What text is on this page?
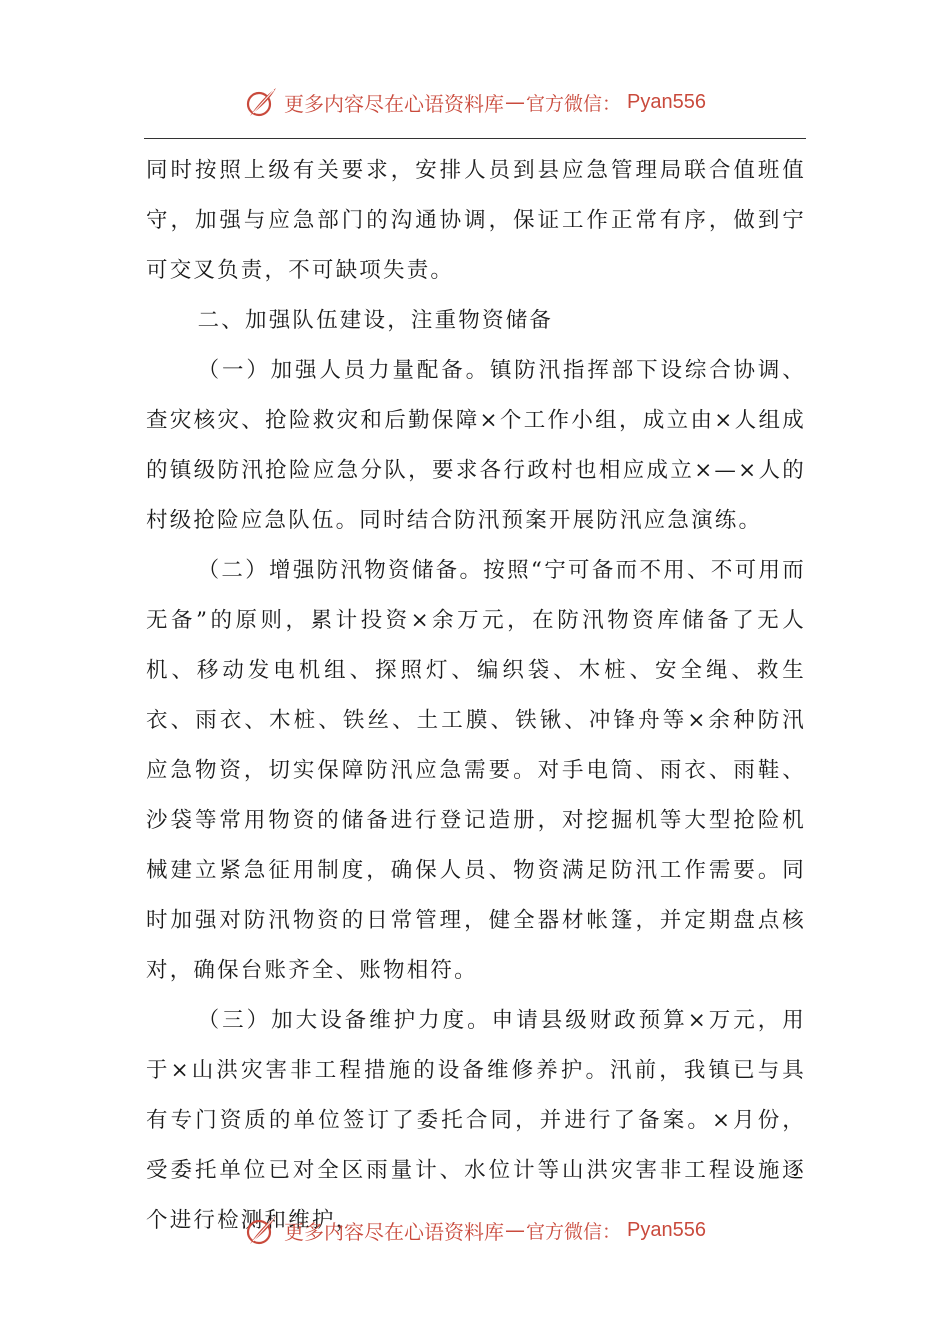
更多内容尽在心语资料库 — 官方微信： Pyan556

同时按照上级有关要求，安排人员到县应急管理局联合值班值守，加强与应急部门的沟通协调，保证工作正常有序，做到宁可交叉负责，不可缺项失责。

二、加强队伍建设，注重物资储备

（一）加强人员力量配备。镇防汛指挥部下设综合协调、查灾核灾、抢险救灾和后勤保障×个工作小组，成立由×人组成的镇级防汛抢险应急分队，要求各行政村也相应成立×—×人的村级抢险应急队伍。同时结合防汛预案开展防汛应急演练。

（二）增强防汛物资储备。按照“宁可备而不用、不可用而无备”的原则，累计投资×余万元，在防汛物资库储备了无人机、移动发电机组、探照灯、编织袋、木桩、安全绳、救生衣、雨衣、木桩、铁丝、土工膜、铁锹、冲锋舟等×余种防汛应急物资，切实保障防汛应急需要。对手电筒、雨衣、雨鞋、沙袋等常用物资的储备进行登记造册，对挖掘机等大型抢险机械建立紧急征用制度，确保人员、物资满足防汛工作需要。同时加强对防汛物资的日常管理，健全器材帐篷，并定期盘点核对，确保台账齐全、账物相符。

（三）加大设备维护力度。申请县级财政预算×万元，用于×山洪灾害非工程措施的设备维修养护。汛前，我镇已与具有专门资质的单位签订了委托合同，并进行了备案。×月份，受委托单位已对全区雨量计、水位计等山洪灾害非工程设施逐个进行检测和维护，

更多内容尽在心语资料库 — 官方微信： Pyan556
